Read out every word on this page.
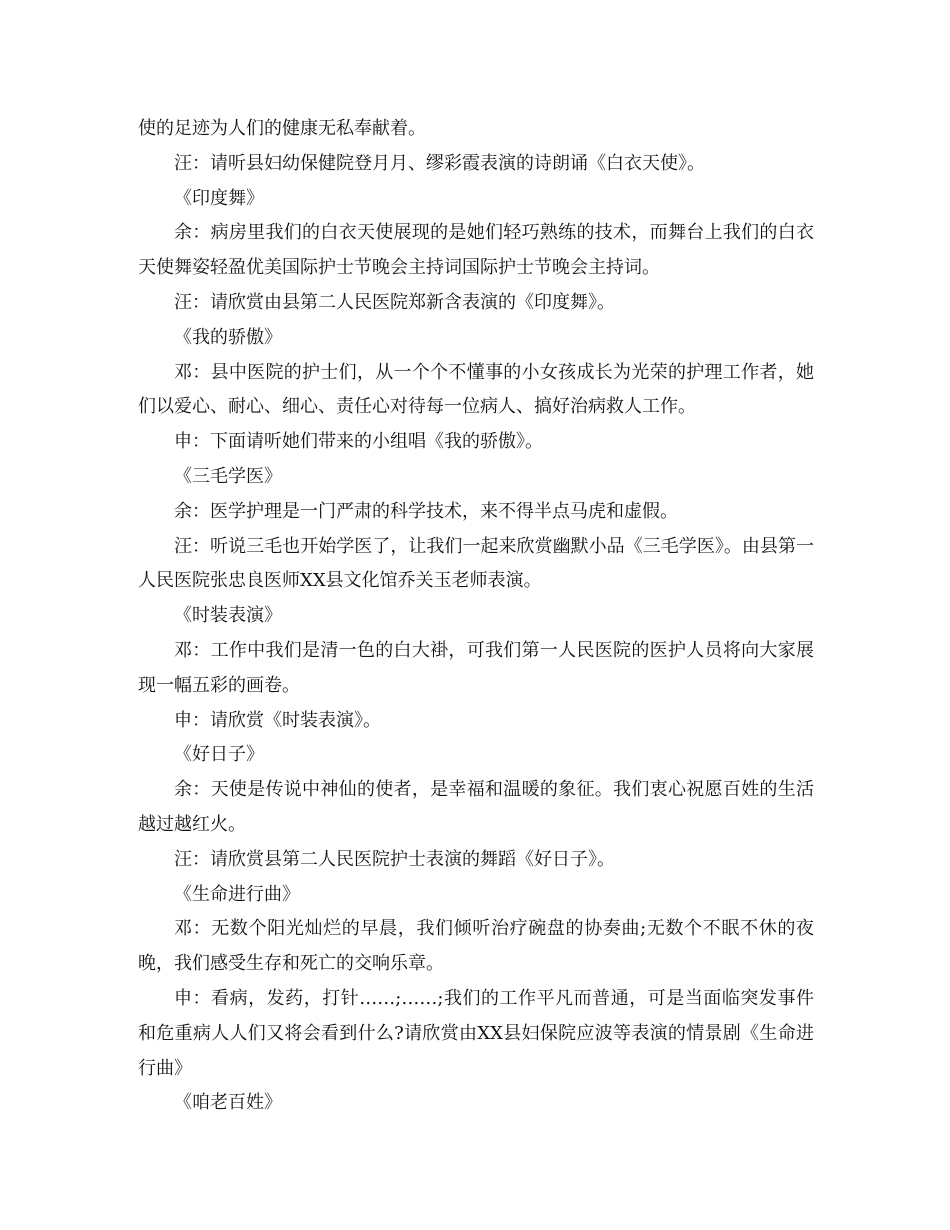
使的足迹为人们的健康无私奉献着。

汪：请听县妇幼保健院登月月、缪彩霞表演的诗朗诵《白衣天使》。

《印度舞》

余：病房里我们的白衣天使展现的是她们轻巧熟练的技术，而舞台上我们的白衣天使舞姿轻盈优美国际护士节晚会主持词国际护士节晚会主持词。

汪：请欣赏由县第二人民医院郑新含表演的《印度舞》。

《我的骄傲》

邓：县中医院的护士们，从一个个不懂事的小女孩成长为光荣的护理工作者，她们以爱心、耐心、细心、责任心对待每一位病人、搞好治病救人工作。

申：下面请听她们带来的小组唱《我的骄傲》。

《三毛学医》

余：医学护理是一门严肃的科学技术，来不得半点马虎和虚假。

汪：听说三毛也开始学医了，让我们一起来欣赏幽默小品《三毛学医》。由县第一人民医院张忠良医师XX县文化馆乔关玉老师表演。

《时装表演》

邓：工作中我们是清一色的白大褂，可我们第一人民医院的医护人员将向大家展现一幅五彩的画卷。

申：请欣赏《时装表演》。

《好日子》

余：天使是传说中神仙的使者，是幸福和温暖的象征。我们衷心祝愿百姓的生活越过越红火。

汪：请欣赏县第二人民医院护士表演的舞蹈《好日子》。

《生命进行曲》

邓：无数个阳光灿烂的早晨，我们倾听治疗碗盘的协奏曲;无数个不眠不休的夜晚，我们感受生存和死亡的交响乐章。

申：看病，发药，打针……;……;我们的工作平凡而普通，可是当面临突发事件和危重病人人们又将会看到什么?请欣赏由XX县妇保院应波等表演的情景剧《生命进行曲》

《咱老百姓》
